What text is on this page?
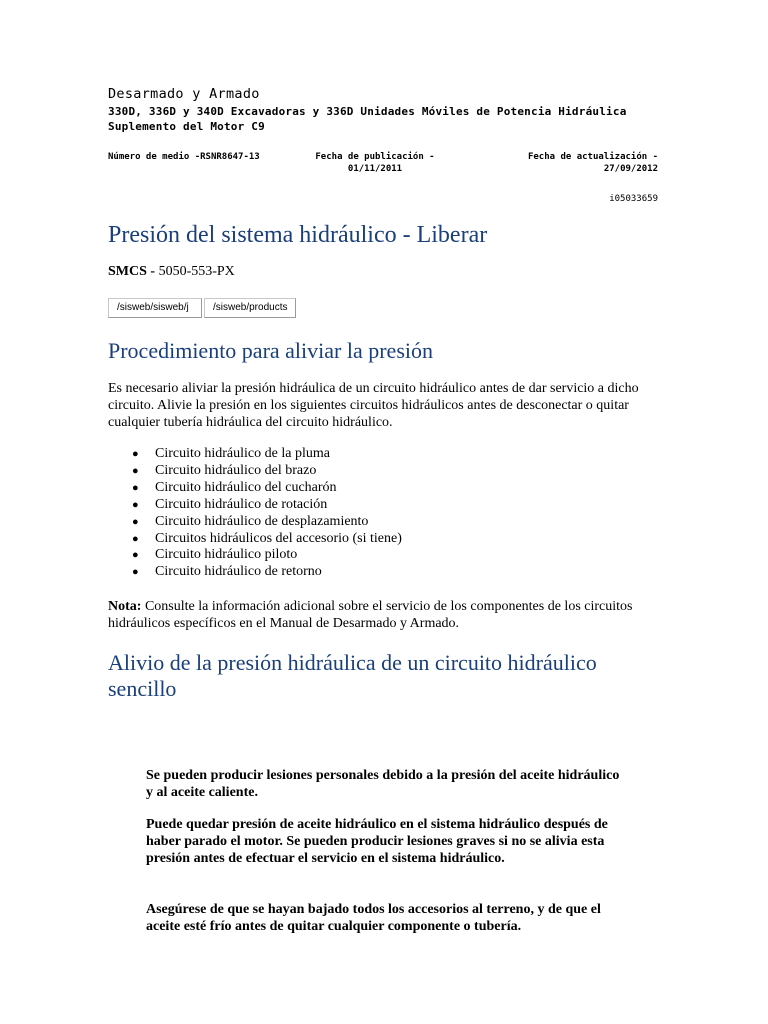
Desarmado y Armado
330D, 336D y 340D Excavadoras y 336D Unidades Móviles de Potencia Hidráulica Suplemento del Motor C9
Número de medio -RSNR8647-13	Fecha de publicación - 01/11/2011
Fecha de actualización - 27/09/2012
i05033659
Presión del sistema hidráulico - Liberar
SMCS - 5050-553-PX
/sisweb/sisweb/j	/sisweb/products
Procedimiento para aliviar la presión
Es necesario aliviar la presión hidráulica de un circuito hidráulico antes de dar servicio a dicho circuito. Alivie la presión en los siguientes circuitos hidráulicos antes de desconectar o quitar cualquier tubería hidráulica del circuito hidráulico.
● Circuito hidráulico de la pluma
● Circuito hidráulico del brazo
● Circuito hidráulico del cucharón
● Circuito hidráulico de rotación
● Circuito hidráulico de desplazamiento
● Circuitos hidráulicos del accesorio (si tiene)
● Circuito hidráulico piloto
● Circuito hidráulico de retorno
Nota: Consulte la información adicional sobre el servicio de los componentes de los circuitos hidráulicos específicos en el Manual de Desarmado y Armado.
Alivio de la presión hidráulica de un circuito hidráulico sencillo
Se pueden producir lesiones personales debido a la presión del aceite hidráulico y al aceite caliente.
Puede quedar presión de aceite hidráulico en el sistema hidráulico después de haber parado el motor. Se pueden producir lesiones graves si no se alivia esta presión antes de efectuar el servicio en el sistema hidráulico.
Asegúrese de que se hayan bajado todos los accesorios al terreno, y de que el aceite esté frío antes de quitar cualquier componente o tubería.
